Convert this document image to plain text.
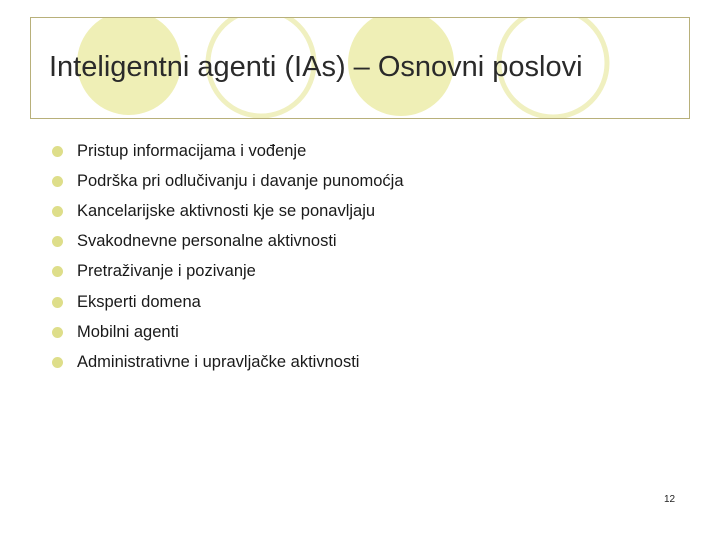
Inteligentni agenti (IAs) – Osnovni poslovi
Pristup informacijama i vođenje
Podrška pri odlučivanju i davanje punomoćja
Kancelarijske aktivnosti kje se ponavljaju
Svakodnevne personalne aktivnosti
Pretraživanje i pozivanje
Eksperti domena
Mobilni agenti
Administrativne i upravljačke aktivnosti
12
